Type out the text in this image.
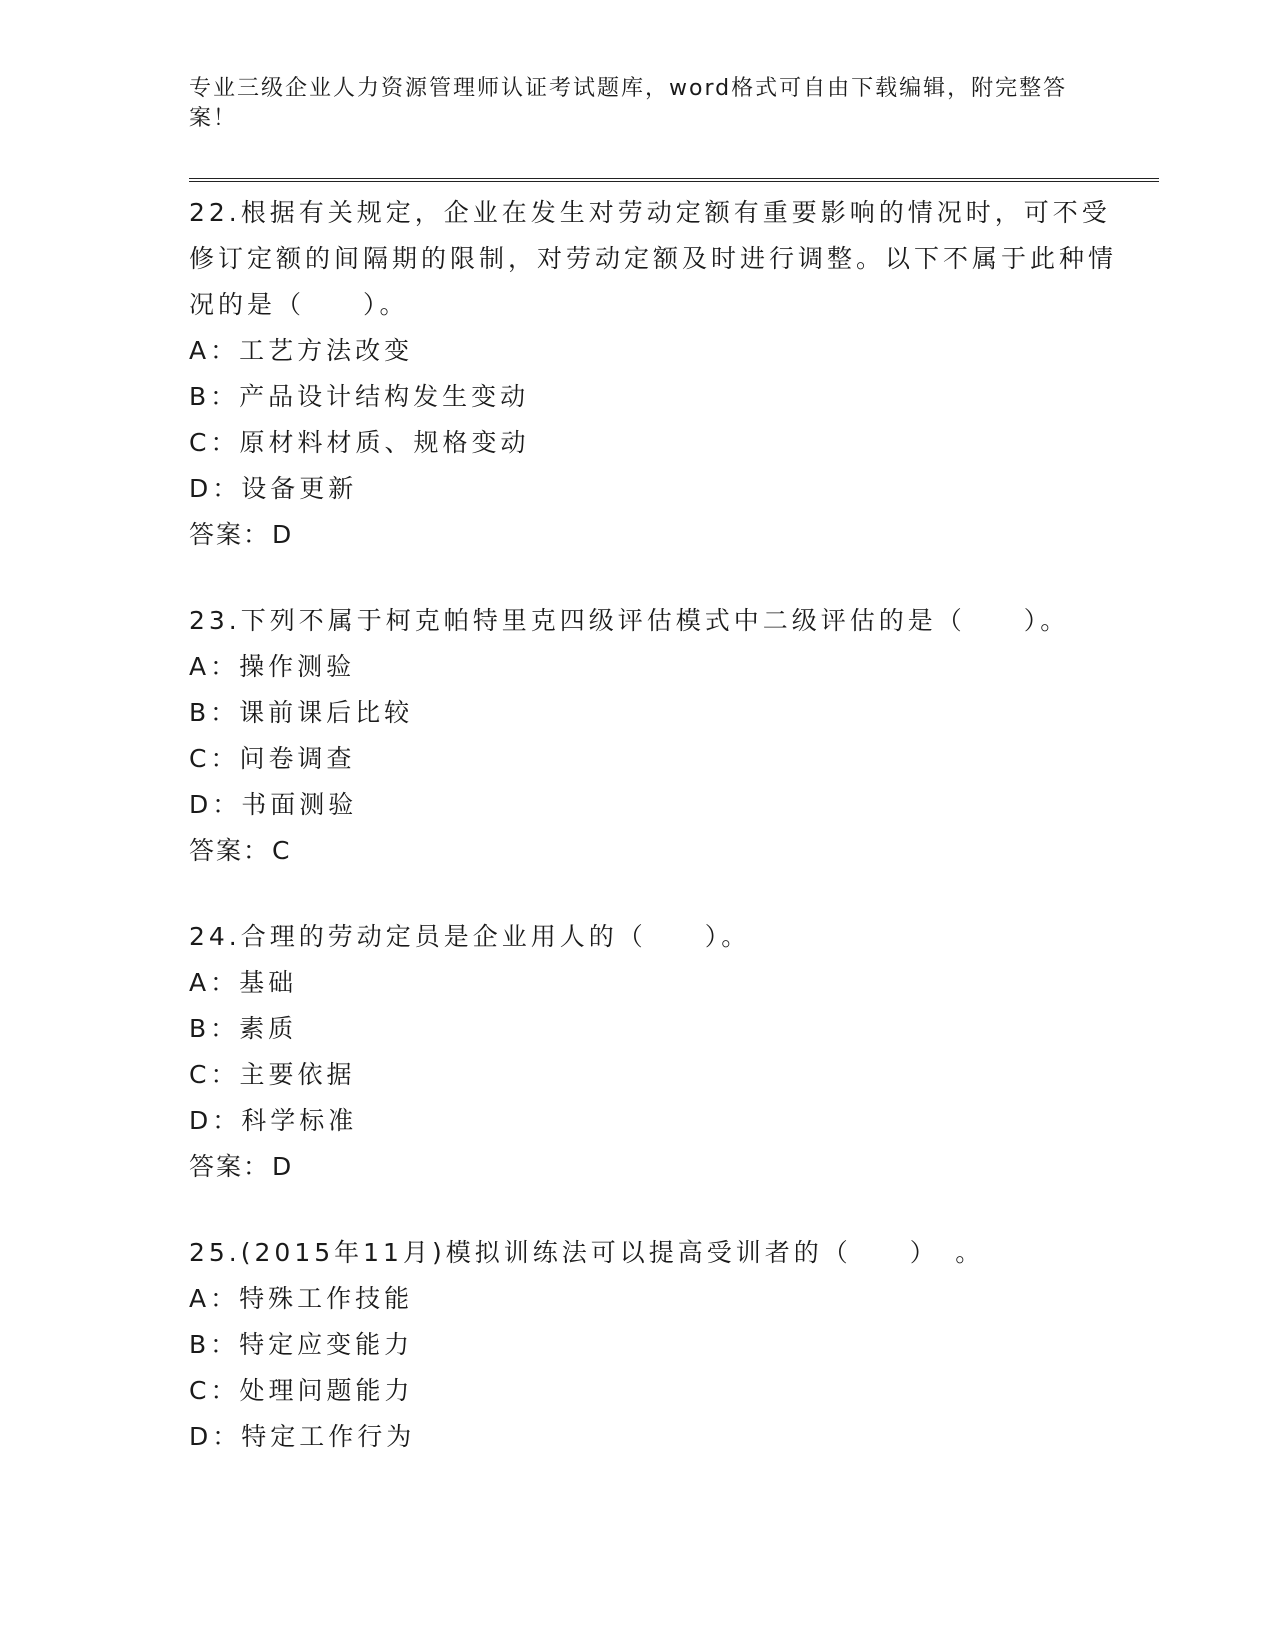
专业三级企业人力资源管理师认证考试题库，word格式可自由下载编辑，附完整答案！
22.根据有关规定，企业在发生对劳动定额有重要影响的情况时，可不受修订定额的间隔期的限制，对劳动定额及时进行调整。以下不属于此种情况的是（　　）。
A：工艺方法改变
B：产品设计结构发生变动
C：原材料材质、规格变动
D：设备更新
答案：D
23.下列不属于柯克帕特里克四级评估模式中二级评估的是（　　）。
A：操作测验
B：课前课后比较
C：问卷调查
D：书面测验
答案：C
24.合理的劳动定员是企业用人的（　　）。
A：基础
B：素质
C：主要依据
D：科学标准
答案：D
25.(2015年11月)模拟训练法可以提高受训者的（　　）　。
A：特殊工作技能
B：特定应变能力
C：处理问题能力
D：特定工作行为
